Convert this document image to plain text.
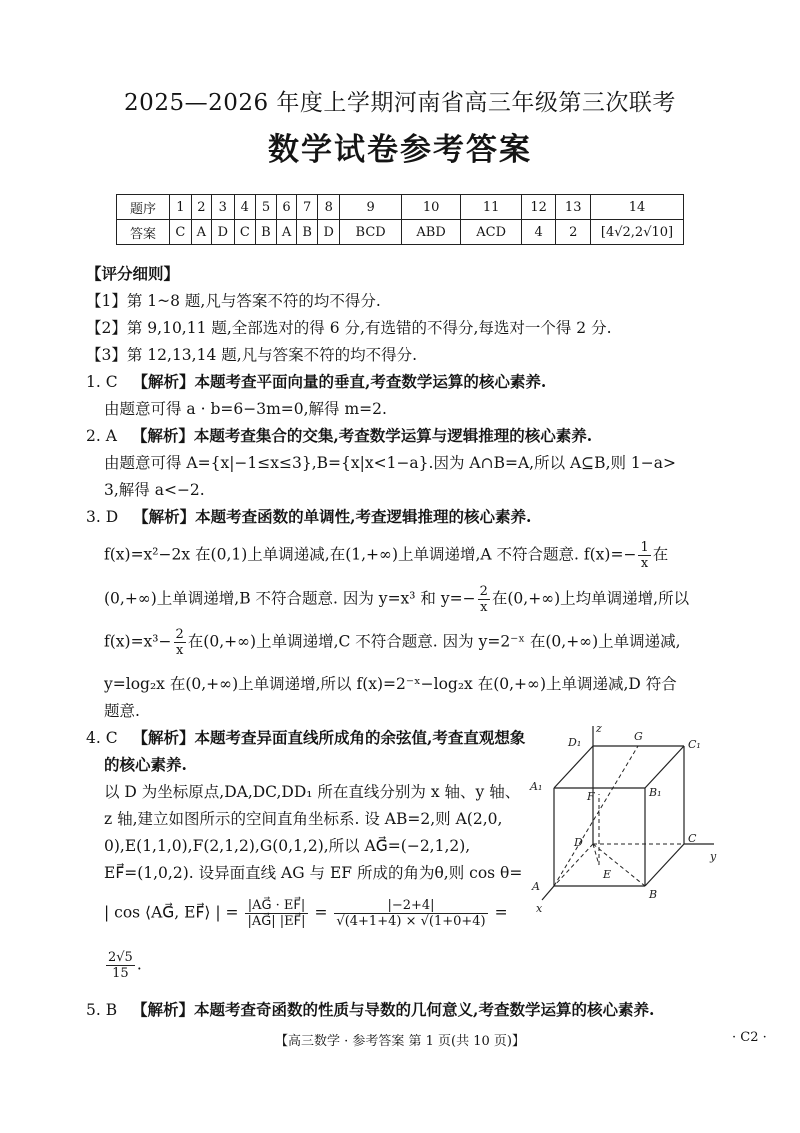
2025—2026 年度上学期河南省高三年级第三次联考
数学试卷参考答案
题序	1	2	3	4	5	6	7	8	9	10	11	12	13	14
答案	C	A	D	C	B	A	B	D	BCD	ABD	ACD	4	2	[4√2,2√10]
【评分细则】
【1】第 1~8 题,凡与答案不符的均不得分.
【2】第 9,10,11 题,全部选对的得 6 分,有选错的不得分,每选对一个得 2 分.
【3】第 12,13,14 题,凡与答案不符的均不得分.
1. C 【解析】本题考查平面向量的垂直,考查数学运算的核心素养.
由题意可得 a · b=6−3m=0,解得 m=2.
2. A 【解析】本题考查集合的交集,考查数学运算与逻辑推理的核心素养.
由题意可得 A={x|−1≤x≤3},B={x|x<1−a}.因为 A∩B=A,所以 A⊆B,则 1−a>
3,解得 a<−2.
3. D 【解析】本题考查函数的单调性,考查逻辑推理的核心素养.
f(x)=x²−2x 在(0,1)上单调递减,在(1,+∞)上单调递增,A 不符合题意. $f(x)=- \frac{1}{x}$ 在
(0,+∞)上单调递增,B 不符合题意. 因为 y=x³ 和 $y=- \frac{2}{x}$ 在(0,+∞)上均单调递增,所以
$f(x)=x^3- \frac{2}{x}$ 在(0,+∞)上单调递增,C 不符合题意. 因为 y=2⁻ˣ 在(0,+∞)上单调递减,
y=log₂x 在(0,+∞)上单调递增,所以 f(x)=2⁻ˣ−log₂x 在(0,+∞)上单调递减,D 符合
题意.
4. C 【解析】本题考查异面直线所成角的余弦值,考查直观想象
的核心素养.
以 D 为坐标原点,DA,DC,DD₁ 所在直线分别为 x 轴、y 轴、
z 轴,建立如图所示的空间直角坐标系. 设 AB=2,则 A(2,0,
0),E(1,1,0),F(2,1,2),G(0,1,2),所以 AG⃗=(−2,1,2),
EF⃗=(1,0,2). 设异面直线 AG 与 EF 所成的角为θ,则 cos θ=
| cos ⟨AG⃗, EF⃗⟩ | = $\frac{|AG⃗ \cdot EF⃗|}{|AG⃗| |EF⃗|} = \frac{|-2+4|}{√(4+1+4) \times √(1+0+4)}$ =
$\frac{2√5}{15}$ .
5. B 【解析】本题考查奇函数的性质与导数的几何意义,考查数学运算的核心素养.
z
D₁	G
C₁
A₁
F	B₁
D	C
y
E
A
B
x
【高三数学 · 参考答案 第 1 页(共 10 页)】	· C2 ·
